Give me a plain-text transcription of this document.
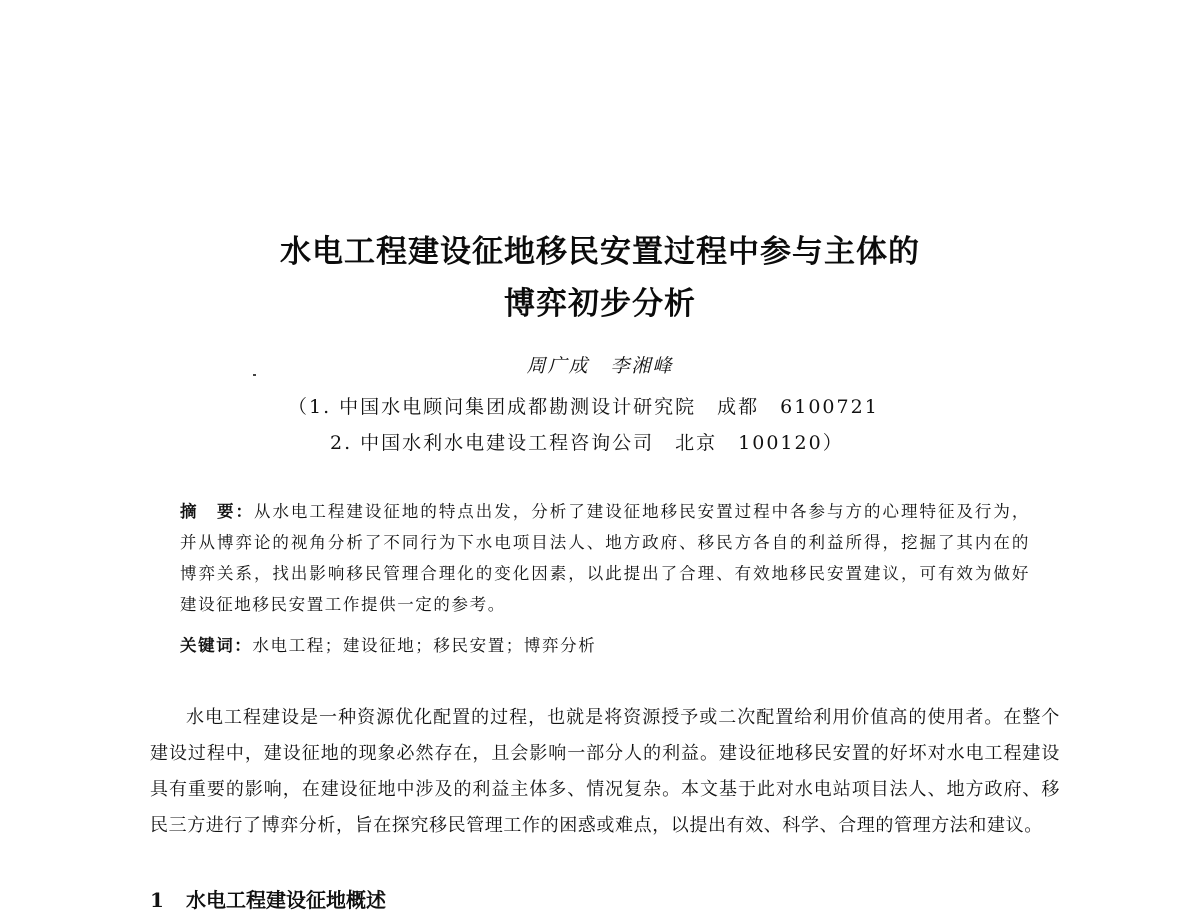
水电工程建设征地移民安置过程中参与主体的
博弈初步分析
周广成　李湘峰
（1. 中国水电顾问集团成都勘测设计研究院　成都　6100721
2. 中国水利水电建设工程咨询公司　北京　100120）
摘　要：从水电工程建设征地的特点出发，分析了建设征地移民安置过程中各参与方的心理特征及行为，并从博弈论的视角分析了不同行为下水电项目法人、地方政府、移民方各自的利益所得，挖掘了其内在的博弈关系，找出影响移民管理合理化的变化因素，以此提出了合理、有效地移民安置建议，可有效为做好建设征地移民安置工作提供一定的参考。
关键词：水电工程；建设征地；移民安置；博弈分析
水电工程建设是一种资源优化配置的过程，也就是将资源授予或二次配置给利用价值高的使用者。在整个建设过程中，建设征地的现象必然存在，且会影响一部分人的利益。建设征地移民安置的好坏对水电工程建设具有重要的影响，在建设征地中涉及的利益主体多、情况复杂。本文基于此对水电站项目法人、地方政府、移民三方进行了博弈分析，旨在探究移民管理工作的困惑或难点，以提出有效、科学、合理的管理方法和建议。
1 水电工程建设征地概述
